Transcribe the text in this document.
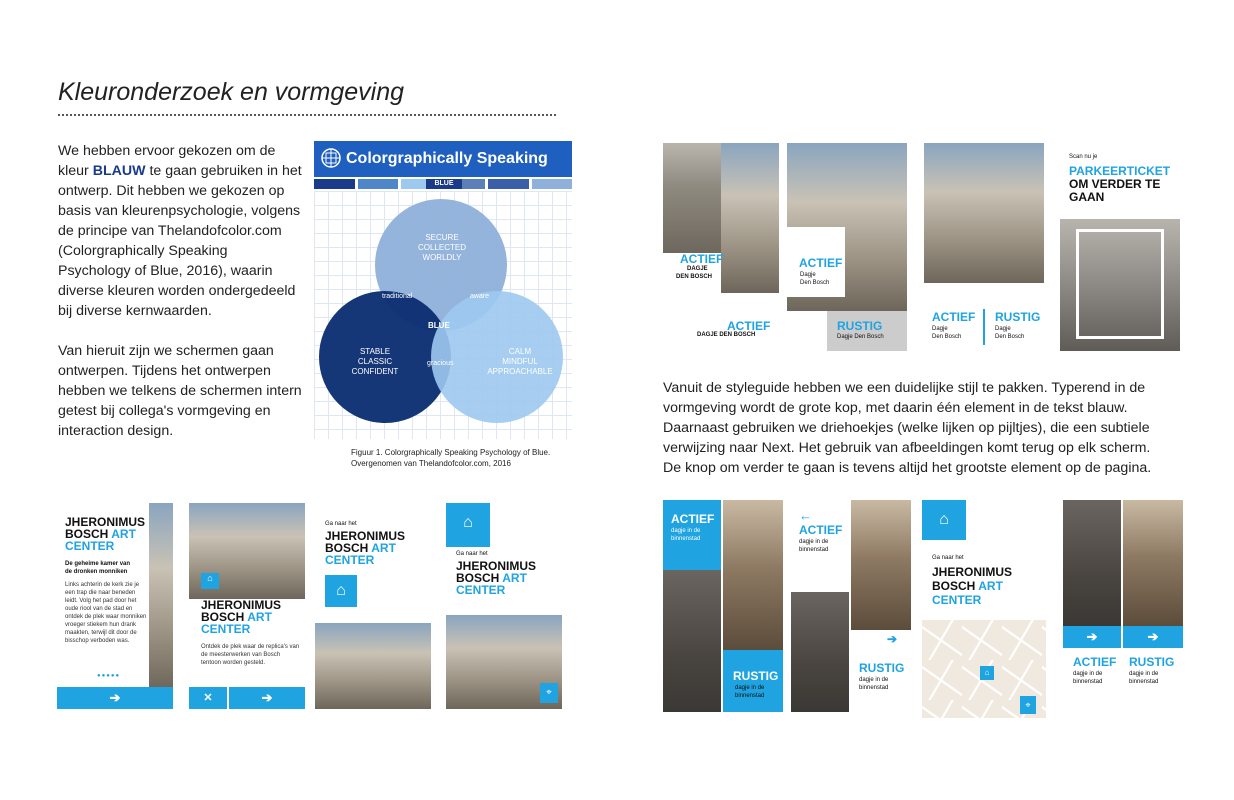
Kleuronderzoek en vormgeving

We hebben ervoor gekozen om de kleur BLAUW te gaan gebruiken in het ontwerp. Dit hebben we gekozen op basis van kleurenpsychologie, volgens de principe van Thelandofcolor.com (Colorgraphically Speaking Psychology of Blue, 2016), waarin diverse kleuren worden ondergedeeld bij diverse kernwaarden.

Van hieruit zijn we schermen gaan ontwerpen. Tijdens het ontwerpen hebben we telkens de schermen intern getest bij collega's vormgeving en interaction design.

Colorgraphically Speaking
BLUE
SECURE
COLLECTED
WORLDLY
STABLE
CLASSIC
CONFIDENT
CALM
MINDFUL
APPROACHABLE
traditional	aware
BLUE
gracious
Figuur 1. Colorgraphically Speaking Psychology of Blue.
Overgenomen van Thelandofcolor.com, 2016
ACTIEF
DAGJE
DEN BOSCH
ACTIEF
DAGJE DEN BOSCH
ACTIEF
Dagje
Den Bosch
RUSTIG
Dagje Den Bosch
ACTIEF
Dagje
Den Bosch
RUSTIG
Dagje
Den Bosch
Scan nu je
PARKEERTICKET
OM VERDER TE
GAAN
Vanuit de styleguide hebben we een duidelijke stijl te pakken. Typerend in de vormgeving wordt de grote kop, met daarin één element in de tekst blauw. Daarnaast gebruiken we driehoekjes (welke lijken op pijltjes), die een subtiele verwijzing naar Next. Het gebruik van afbeeldingen komt terug op elk scherm. De knop om verder te gaan is tevens altijd het grootste element op de pagina.
JHERONIMUS
BOSCH ART
CENTER
De geheime kamer van
de dronken monniken
Links achterin de kerk zie je een trap die naar beneden leidt. Volg het pad door het oude riool van de stad en ontdek de plek waar monniken vroeger stiekem hun drank maakten, terwijl dit door de bisschop verboden was.
●●●●●
➔
⌂
JHERONIMUS
BOSCH ART
CENTER
Ontdek de plek waar de replica's van de meesterwerken van Bosch tentoon worden gesteld.
✕	➔
Ga naar het
JHERONIMUS
BOSCH ART
CENTER
⌂
⌂
Ga naar het
JHERONIMUS
BOSCH ART
CENTER
⌖
ACTIEF
dagje in de
binnenstad
RUSTIG
dagje in de
binnenstad
←
ACTIEF
dagje in de
binnenstad
➔
RUSTIG
dagje in de
binnenstad
⌂
Ga naar het
JHERONIMUS
BOSCH ART
CENTER
⌂
⌖
➔	➔
ACTIEF
dagje in de
binnenstad
RUSTIG
dagje in de
binnenstad
